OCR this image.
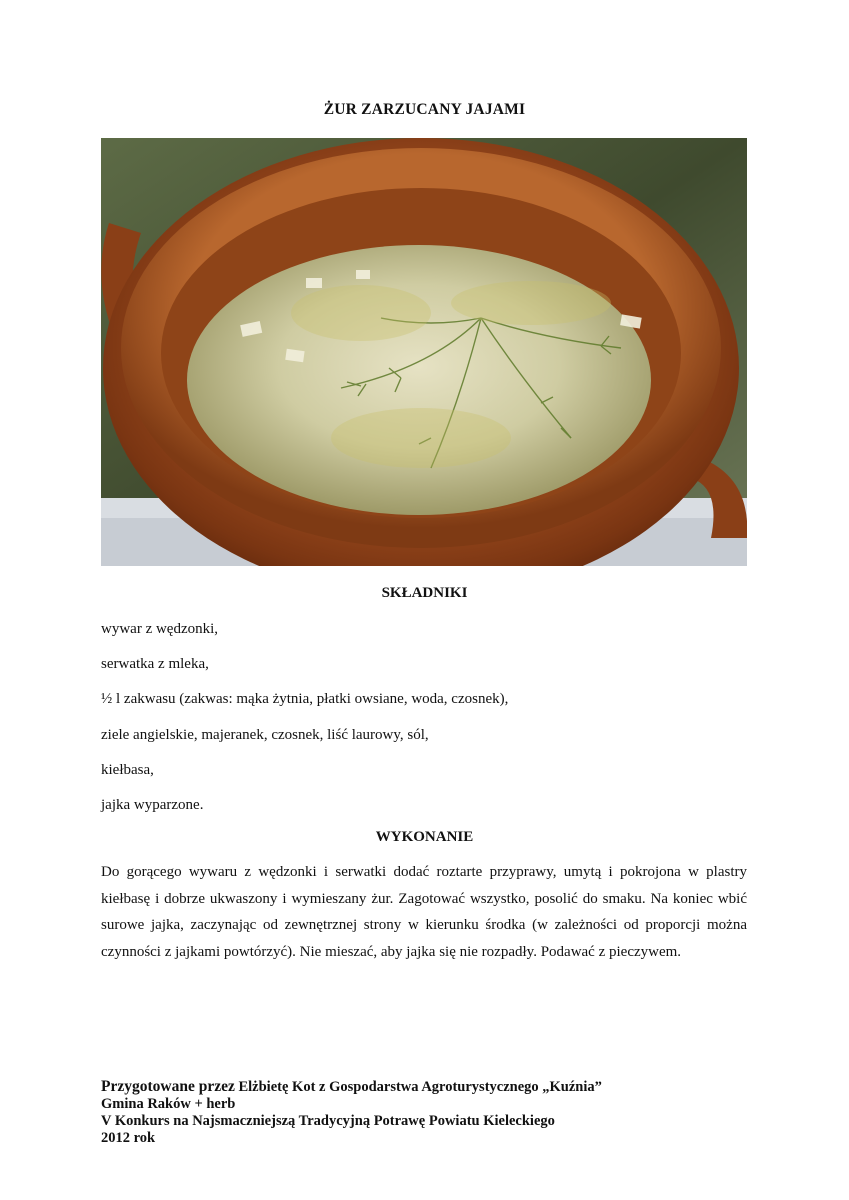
ŻUR ZARZUCANY JAJAMI
SKŁADNIKI
wywar z wędzonki,
serwatka z mleka,
½ l zakwasu (zakwas: mąka żytnia, płatki owsiane, woda, czosnek),
ziele angielskie, majeranek, czosnek, liść laurowy, sól,
kiełbasa,
jajka wyparzone.
WYKONANIE

Do gorącego wywaru z wędzonki i serwatki dodać roztarte przyprawy, umytą i pokrojona w plastry kiełbasę i dobrze ukwaszony i wymieszany żur. Zagotować wszystko, posolić do smaku. Na koniec wbić surowe jajka, zaczynając od zewnętrznej strony w kierunku środka (w zależności od proporcji można czynności z jajkami powtórzyć). Nie mieszać, aby jajka się nie rozpadły. Podawać z pieczywem.

Przygotowane przez Elżbietę Kot z Gospodarstwa Agroturystycznego „Kuźnia”
Gmina Raków + herb
V Konkurs na Najsmaczniejszą Tradycyjną Potrawę Powiatu Kieleckiego
2012 rok
